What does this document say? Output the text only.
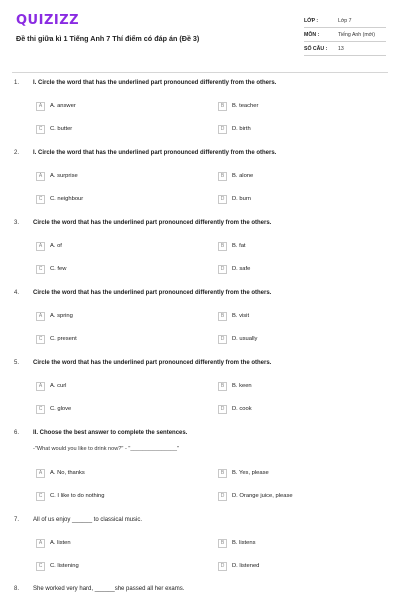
QUIZIZZ
Đề thi giữa kì 1 Tiếng Anh 7 Thí điểm có đáp án (Đề 3)
LỚP :	Lớp 7
MÔN :	Tiếng Anh (mới)
SỐ CÂU :	13
1. I. Circle the word that has the underlined part pronounced differently from the others.
A	A. answer	B	B. teacher
C	C. butter	D	D. birth
2. I. Circle the word that has the underlined part pronounced differently from the others.
A	A. surprise	B	B. alone
C	C. neighbour	D	D. burn
3. Circle the word that has the underlined part pronounced differently from the others.
A	A. of	B	B. fat
C	C. few	D	D. safe
4. Circle the word that has the underlined part pronounced differently from the others.
A	A. spring	B	B. visit
C	C. present	D	D. usually
5. Circle the word that has the underlined part pronounced differently from the others.
A	A. curl	B	B. keen
C	C. glove	D	D. cook
6. II. Choose the best answer to complete the sentences.
-"What would you like to drink now?" - "_______________"
A	A. No, thanks	B	B. Yes, please
C	C. I like to do nothing	D	D. Orange juice, please
7. All of us enjoy ______ to classical music.
A	A. listen	B	B. listens
C	C. listening	D	D. listened
8. She worked very hard, ______she passed all her exams.
